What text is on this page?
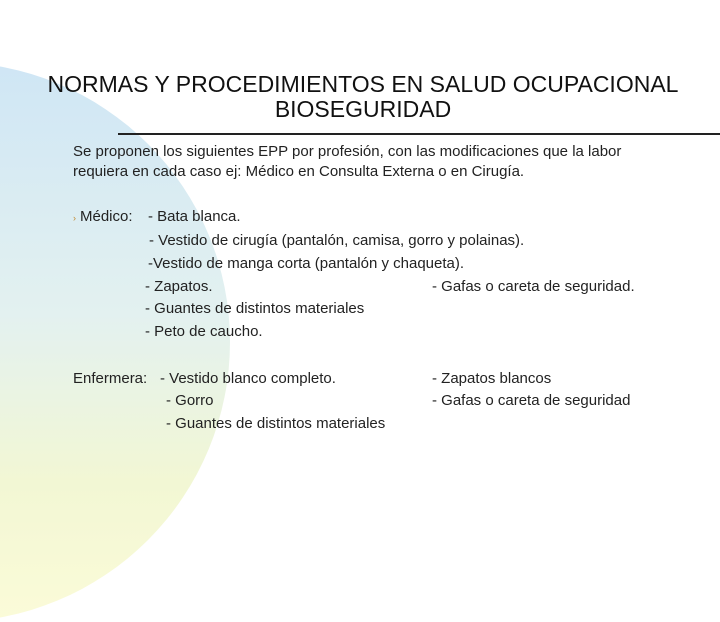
NORMAS Y PROCEDIMIENTOS EN SALUD OCUPACIONAL
BIOSEGURIDAD
Se proponen los siguientes EPP por profesión, con las modificaciones que la labor
requiera en cada caso ej: Médico en Consulta Externa o en Cirugía.
› Médico: - Bata blanca.
- Vestido de cirugía (pantalón, camisa, gorro y polainas).
-Vestido de manga corta (pantalón y chaqueta).
- Zapatos.	- Gafas o careta de seguridad.
- Guantes de distintos materiales
- Peto de caucho.
Enfermera: - Vestido blanco completo.	- Zapatos blancos
- Gorro	- Gafas o careta de seguridad
- Guantes de distintos materiales
